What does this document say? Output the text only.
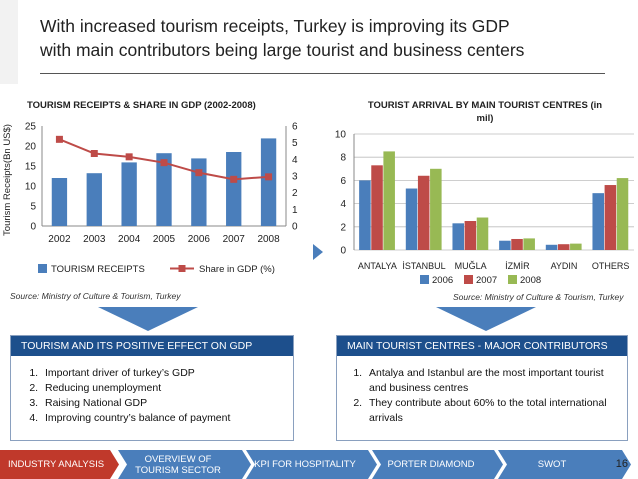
With increased tourism receipts, Turkey is improving its GDP
with main contributors being large tourist and business centers
TOURISM RECEIPTS & SHARE IN GDP (2002-2008)
Tourism Receipts(Bn US$) 0
5
10
15
20
25
0
1
2
3
4
5
6
2002 2003 2004 2005 2006 2007 2008
TOURISM RECEIPTS	Share in GDP (%)
Source: Ministry of Culture & Tourism, Turkey
TOURIST ARRIVAL BY MAIN TOURIST CENTRES (in
mil)
0
2
4
6
8
10
ANTALYA İSTANBUL MUĞLA İZMİR AYDIN OTHERS
2006 2007 2008
Source: Ministry of Culture & Tourism, Turkey
TOURISM AND ITS POSITIVE EFFECT ON GDP
1. Important driver of turkey’s GDP
2. Reducing unemployment
3. Raising National GDP
4. Improving country’s balance of payment
MAIN TOURIST CENTRES - MAJOR CONTRIBUTORS
1. Antalya and Istanbul are the most important tourist and business centres
2. They contribute about 60% to the total international arrivals
INDUSTRY ANALYSIS	OVERVIEW OF TOURISM SECTOR	KPI FOR HOSPITALITY	PORTER DIAMOND	SWOT	16
